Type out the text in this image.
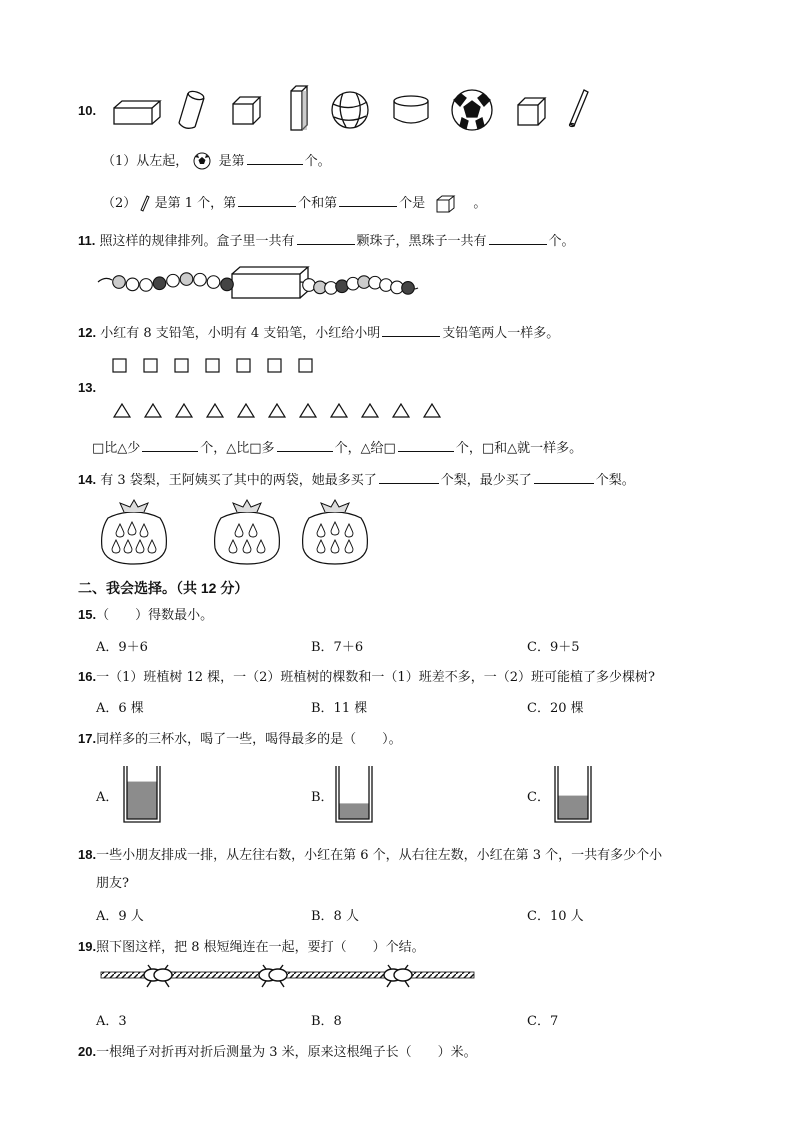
10.
（1）从左起， 是第	个。
（2） 是第 1 个，第	个和第	个是	。
11. 照这样的规律排列。盒子里一共有	颗珠子，黑珠子一共有	个。
12. 小红有 8 支铅笔，小明有 4 支铅笔，小红给小明	支铅笔两人一样多。
13.
□比△少	个，△比□多	个，△给□	个，□和△就一样多。
14. 有 3 袋梨，王阿姨买了其中的两袋，她最多买了	个梨，最少买了	个梨。
二、我会选择。（共 12 分）
15.（　　）得数最小。
A．9＋6	B．7＋6	C．9＋5
16.一（1）班植树 12 棵，一（2）班植树的棵数和一（1）班差不多，一（2）班可能植了多少棵树?
A．6 棵	B．11 棵	C．20 棵
17.同样多的三杯水，喝了一些，喝得最多的是（　　）。
A．	B．	C．
18.一些小朋友排成一排，从左往右数，小红在第 6 个，从右往左数，小红在第 3 个，一共有多少个小
朋友?
A．9 人	B．8 人	C．10 人
19.照下图这样，把 8 根短绳连在一起，要打（　　）个结。
A．3	B．8	C．7
20.一根绳子对折再对折后测量为 3 米，原来这根绳子长（　　）米。
